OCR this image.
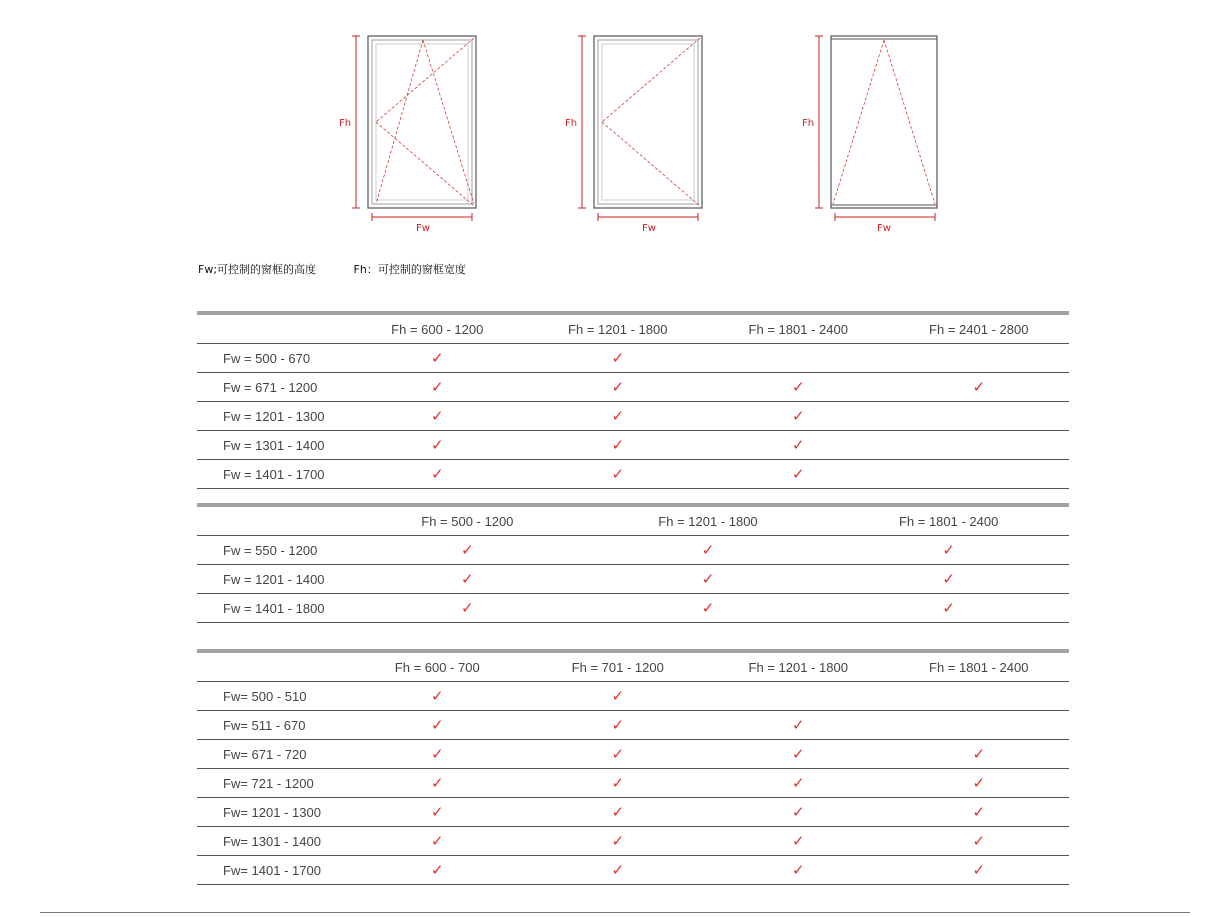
Fh
Fw
Fh
Fw
Fh
Fw
Fw;可控制的窗框的高度	Fh：可控制的窗框宽度
	Fh = 600 - 1200	Fh = 1201 - 1800	Fh = 1801 - 2400	Fh = 2401 - 2800
Fw = 500 - 670	✓	✓		
Fw = 671 - 1200	✓	✓	✓	✓
Fw = 1201 - 1300	✓	✓	✓	
Fw = 1301 - 1400	✓	✓	✓	
Fw = 1401 - 1700	✓	✓	✓	
	Fh = 500 - 1200	Fh = 1201 - 1800	Fh = 1801 - 2400
Fw = 550 - 1200	✓	✓	✓
Fw = 1201 - 1400	✓	✓	✓
Fw = 1401 - 1800	✓	✓	✓
	Fh = 600 - 700	Fh = 701 - 1200	Fh = 1201 - 1800	Fh = 1801 - 2400
Fw= 500 - 510	✓	✓		
Fw= 511 - 670	✓	✓	✓	
Fw= 671 - 720	✓	✓	✓	✓
Fw= 721 - 1200	✓	✓	✓	✓
Fw= 1201 - 1300	✓	✓	✓	✓
Fw= 1301 - 1400	✓	✓	✓	✓
Fw= 1401 - 1700	✓	✓	✓	✓
